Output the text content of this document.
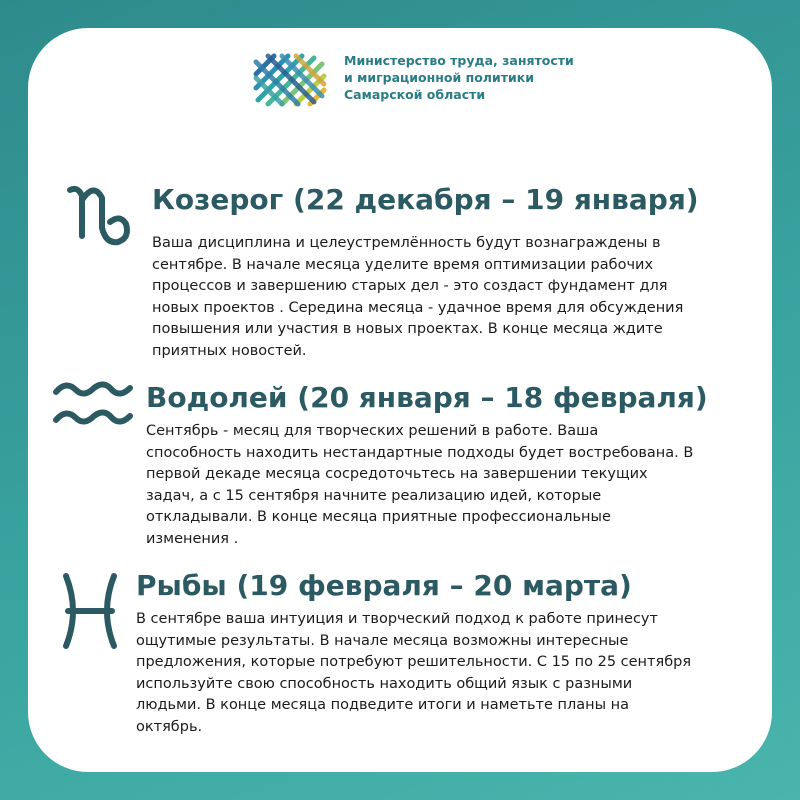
Министерство труда, занятости
и миграционной политики
Самарской области
Козерог (22 декабря – 19 января)
Ваша дисциплина и целеустремлённость будут вознаграждены в
сентябре. В начале месяца уделите время оптимизации рабочих
процессов и завершению старых дел - это создаст фундамент для
новых проектов . Середина месяца - удачное время для обсуждения
повышения или участия в новых проектах. В конце месяца ждите
приятных новостей.
Водолей (20 января – 18 февраля)
Сентябрь - месяц для творческих решений в работе. Ваша
способность находить нестандартные подходы будет востребована. В
первой декаде месяца сосредоточьтесь на завершении текущих
задач, а с 15 сентября начните реализацию идей, которые
откладывали. В конце месяца приятные профессиональные
изменения .
Рыбы (19 февраля – 20 марта)
В сентябре ваша интуиция и творческий подход к работе принесут
ощутимые результаты. В начале месяца возможны интересные
предложения, которые потребуют решительности. С 15 по 25 сентября
используйте свою способность находить общий язык с разными
людьми. В конце месяца подведите итоги и наметьте планы на
октябрь.
